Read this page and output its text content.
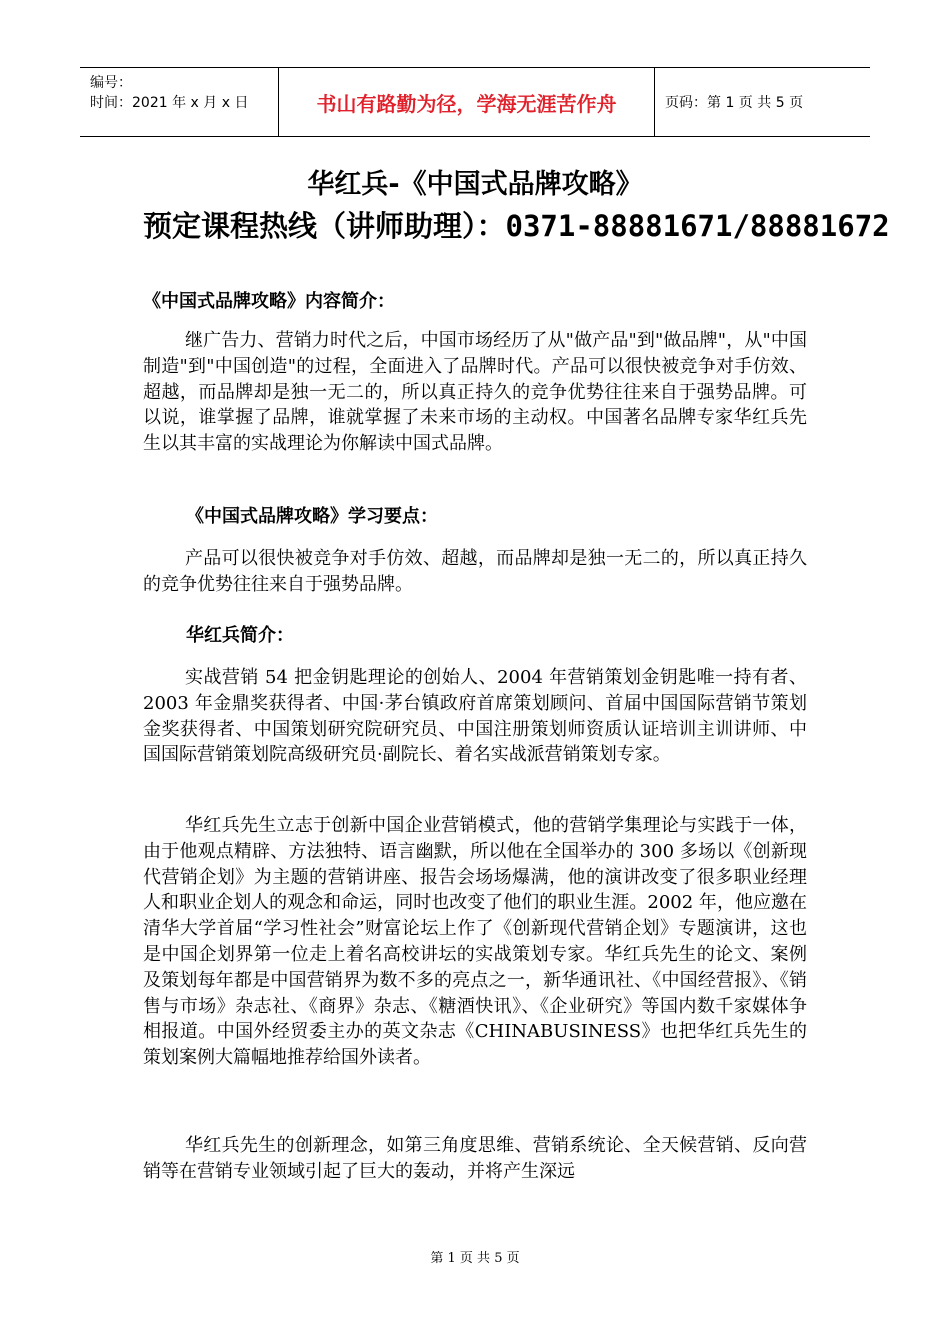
编号：
时间：2021 年 x 月 x 日	书山有路勤为径，学海无涯苦作舟	页码：第 1 页 共 5 页
华红兵-《中国式品牌攻略》
预定课程热线（讲师助理）：0371-88881671/88881672
《中国式品牌攻略》内容简介：

继广告力、营销力时代之后，中国市场经历了从"做产品"到"做品牌"，从"中国制造"到"中国创造"的过程，全面进入了品牌时代。产品可以很快被竞争对手仿效、超越，而品牌却是独一无二的，所以真正持久的竞争优势往往来自于强势品牌。可以说，谁掌握了品牌，谁就掌握了未来市场的主动权。中国著名品牌专家华红兵先生以其丰富的实战理论为你解读中国式品牌。

《中国式品牌攻略》学习要点：

产品可以很快被竞争对手仿效、超越，而品牌却是独一无二的，所以真正持久的竞争优势往往来自于强势品牌。

华红兵简介：

实战营销 54 把金钥匙理论的创始人、2004 年营销策划金钥匙唯一持有者、2003 年金鼎奖获得者、中国·茅台镇政府首席策划顾问、首届中国国际营销节策划金奖获得者、中国策划研究院研究员、中国注册策划师资质认证培训主训讲师、中国国际营销策划院高级研究员·副院长、着名实战派营销策划专家。

华红兵先生立志于创新中国企业营销模式，他的营销学集理论与实践于一体，由于他观点精辟、方法独特、语言幽默，所以他在全国举办的 300 多场以《创新现代营销企划》为主题的营销讲座、报告会场场爆满，他的演讲改变了很多职业经理人和职业企划人的观念和命运，同时也改变了他们的职业生涯。2002 年，他应邀在清华大学首届“学习性社会”财富论坛上作了《创新现代营销企划》专题演讲，这也是中国企划界第一位走上着名高校讲坛的实战策划专家。华红兵先生的论文、案例及策划每年都是中国营销界为数不多的亮点之一，新华通讯社、《中国经营报》、《销售与市场》杂志社、《商界》杂志、《糖酒快讯》、《企业研究》等国内数千家媒体争相报道。中国外经贸委主办的英文杂志《CHINABUSINESS》也把华红兵先生的策划案例大篇幅地推荐给国外读者。

华红兵先生的创新理念，如第三角度思维、营销系统论、全天候营销、反向营销等在营销专业领域引起了巨大的轰动，并将产生深远

第 1 页 共 5 页
